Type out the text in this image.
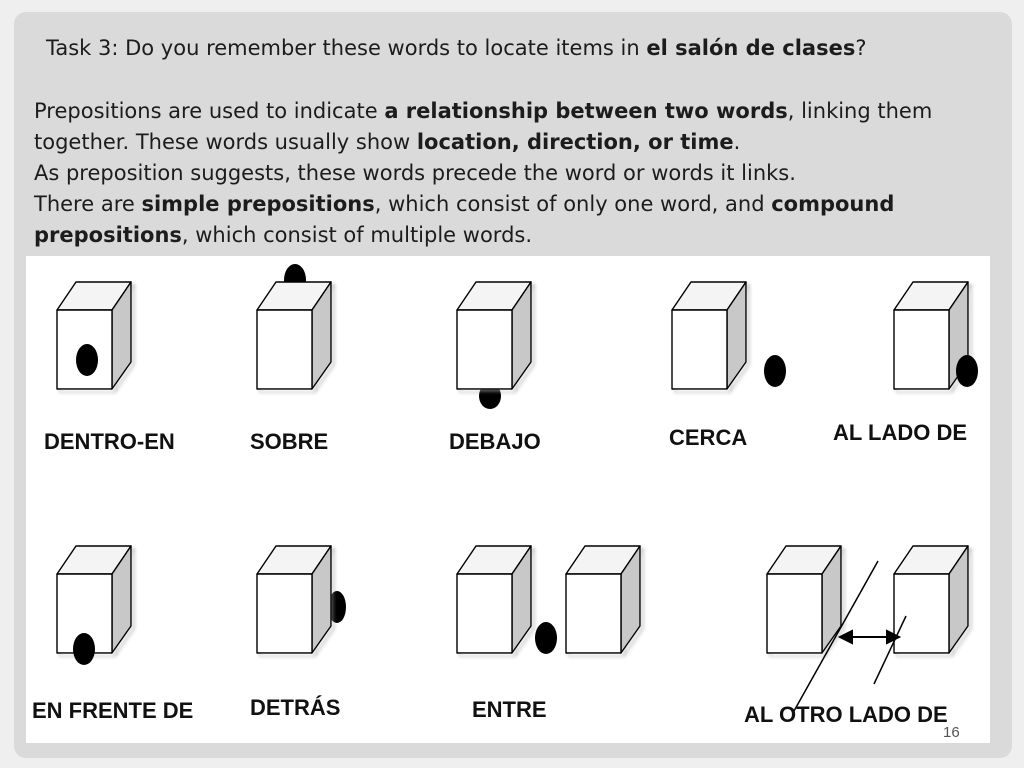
Task 3: Do you remember these words to locate items in el salón de clases?

Prepositions are used to indicate a relationship between two words, linking them together. These words usually show location, direction, or time.

As preposition suggests, these words precede the word or words it links.

There are simple prepositions, which consist of only one word, and compound prepositions, which consist of multiple words.

DENTRO-EN	SOBRE	DEBAJO	CERCA	AL LADO DE
EN FRENTE DE	DETRÁS	ENTRE	AL OTRO LADO DE
16
